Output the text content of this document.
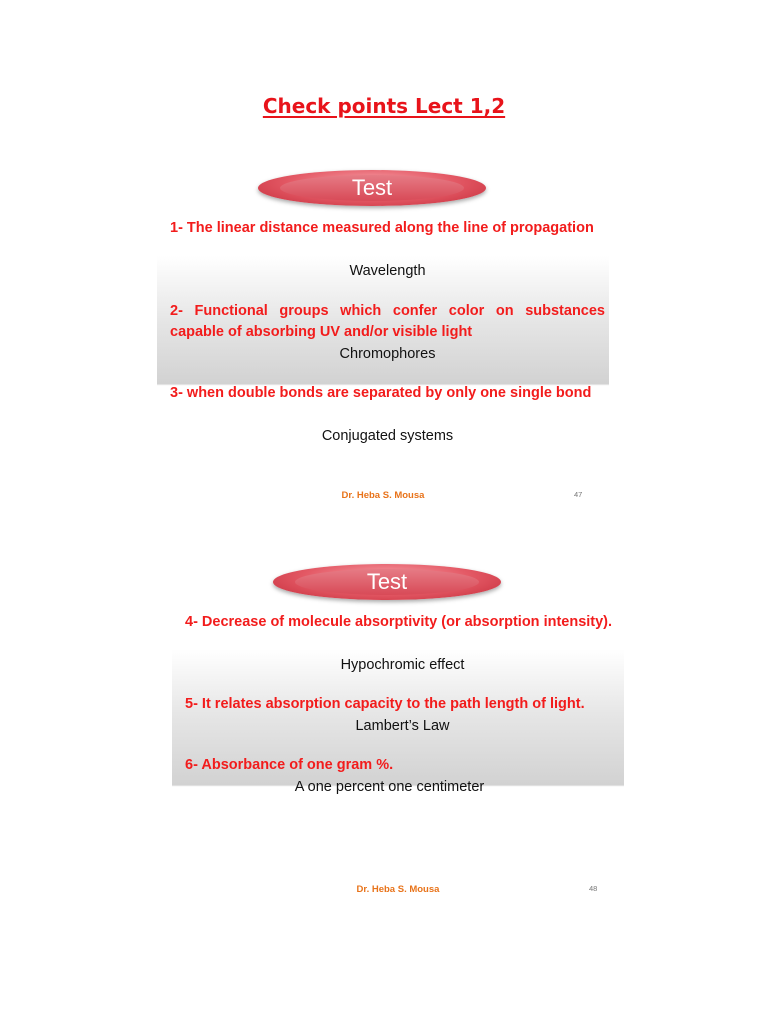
Check points Lect 1,2
Test
1- The linear distance measured along the line of propagation
Wavelength
2- Functional groups which confer color on substances capable of absorbing UV and/or visible light
Chromophores
3- when double bonds are separated by only one single bond
Conjugated systems
Dr. Heba S. Mousa	47
Test
4- Decrease of molecule absorptivity (or absorption intensity).
Hypochromic effect
5- It relates absorption capacity to the path length of light.
Lambert’s Law
6- Absorbance of one gram %.
A one percent one centimeter
Dr. Heba S. Mousa	48
